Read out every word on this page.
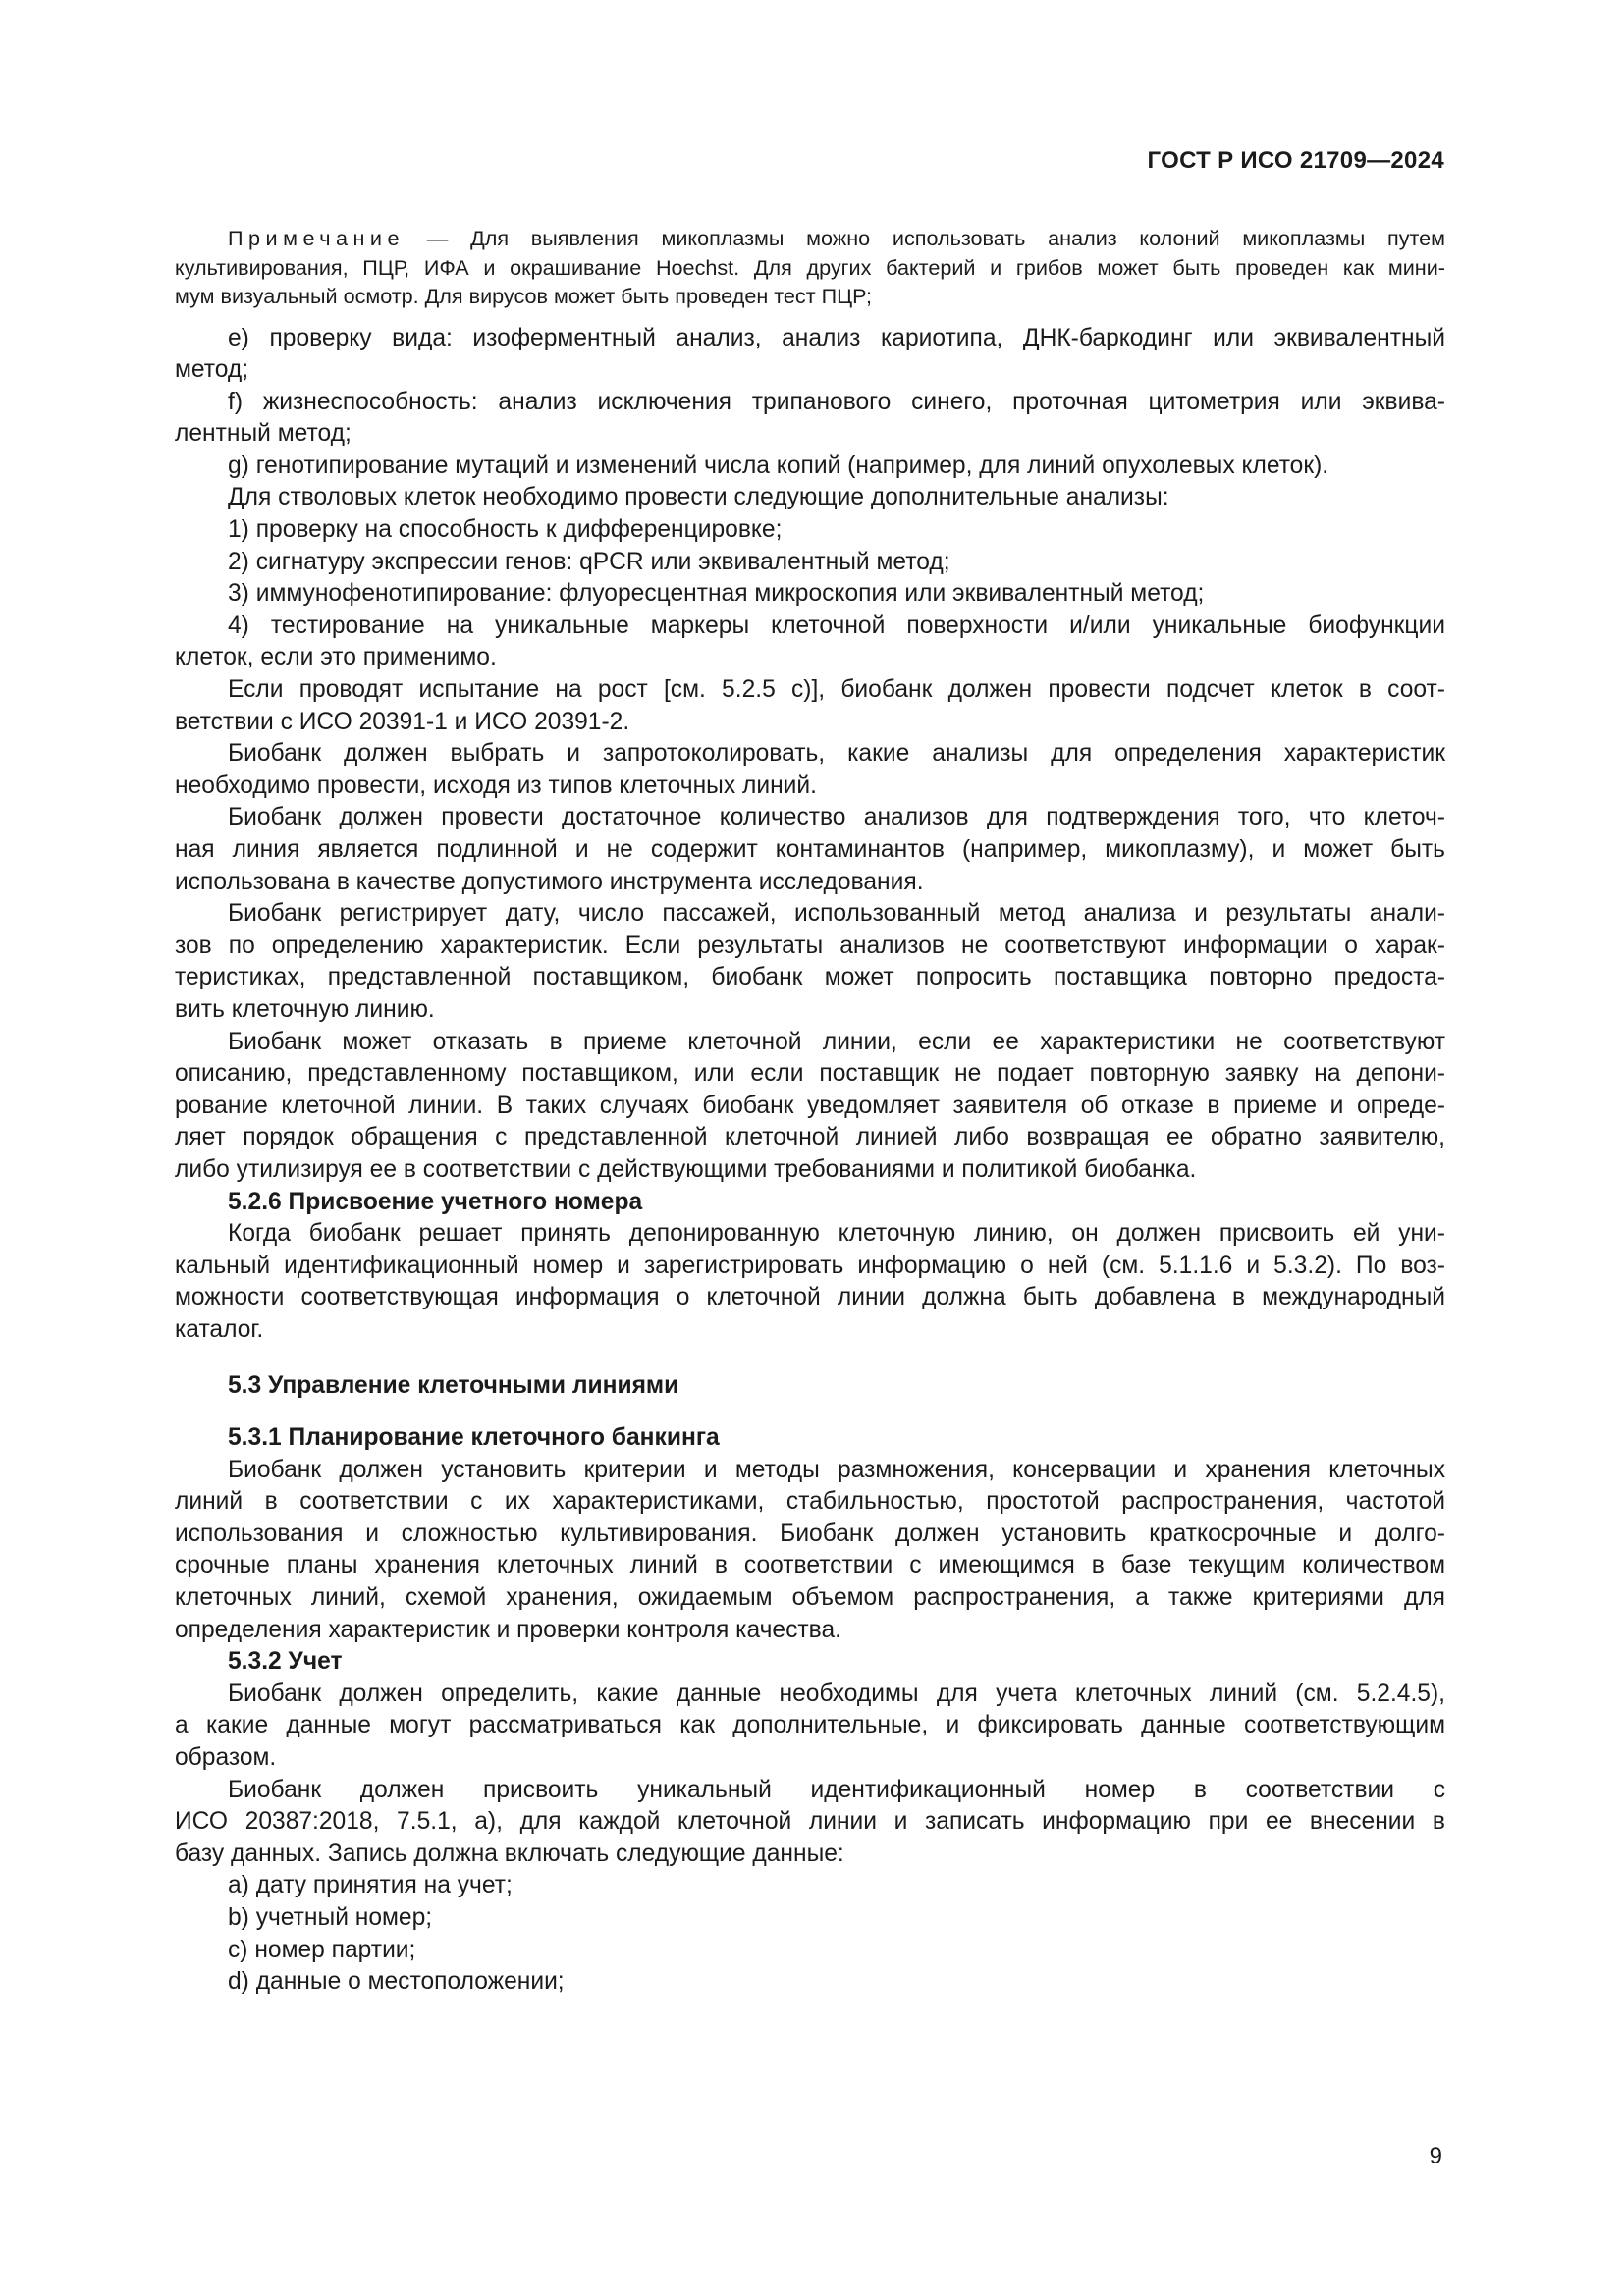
ГОСТ Р ИСО 21709—2024
Примечание — Для выявления микоплазмы можно использовать анализ колоний микоплазмы путем
культивирования, ПЦР, ИФА и окрашивание Hoechst. Для других бактерий и грибов может быть проведен как мини-
мум визуальный осмотр. Для вирусов может быть проведен тест ПЦР;
e) проверку вида: изоферментный анализ, анализ кариотипа, ДНК-баркодинг или эквивалентный
метод;
f) жизнеспособность: анализ исключения трипанового синего, проточная цитометрия или эквива-
лентный метод;
g) генотипирование мутаций и изменений числа копий (например, для линий опухолевых клеток).
Для стволовых клеток необходимо провести следующие дополнительные анализы:
1) проверку на способность к дифференцировке;
2) сигнатуру экспрессии генов: qPCR или эквивалентный метод;
3) иммунофенотипирование: флуоресцентная микроскопия или эквивалентный метод;
4) тестирование на уникальные маркеры клеточной поверхности и/или уникальные биофункции
клеток, если это применимо.
Если проводят испытание на рост [см. 5.2.5 с)], биобанк должен провести подсчет клеток в соот-
ветствии с ИСО 20391-1 и ИСО 20391-2.
Биобанк должен выбрать и запротоколировать, какие анализы для определения характеристик
необходимо провести, исходя из типов клеточных линий.
Биобанк должен провести достаточное количество анализов для подтверждения того, что клеточ-
ная линия является подлинной и не содержит контаминантов (например, микоплазму), и может быть
использована в качестве допустимого инструмента исследования.
Биобанк регистрирует дату, число пассажей, использованный метод анализа и результаты анали-
зов по определению характеристик. Если результаты анализов не соответствуют информации о харак-
теристиках, представленной поставщиком, биобанк может попросить поставщика повторно предоста-
вить клеточную линию.
Биобанк может отказать в приеме клеточной линии, если ее характеристики не соответствуют
описанию, представленному поставщиком, или если поставщик не подает повторную заявку на депони-
рование клеточной линии. В таких случаях биобанк уведомляет заявителя об отказе в приеме и опреде-
ляет порядок обращения с представленной клеточной линией либо возвращая ее обратно заявителю,
либо утилизируя ее в соответствии с действующими требованиями и политикой биобанка.
5.2.6 Присвоение учетного номера
Когда биобанк решает принять депонированную клеточную линию, он должен присвоить ей уни-
кальный идентификационный номер и зарегистрировать информацию о ней (см. 5.1.1.6 и 5.3.2). По воз-
можности соответствующая информация о клеточной линии должна быть добавлена в международный
каталог.
5.3 Управление клеточными линиями
5.3.1 Планирование клеточного банкинга
Биобанк должен установить критерии и методы размножения, консервации и хранения клеточных
линий в соответствии с их характеристиками, стабильностью, простотой распространения, частотой
использования и сложностью культивирования. Биобанк должен установить краткосрочные и долго-
срочные планы хранения клеточных линий в соответствии с имеющимся в базе текущим количеством
клеточных линий, схемой хранения, ожидаемым объемом распространения, а также критериями для
определения характеристик и проверки контроля качества.
5.3.2 Учет
Биобанк должен определить, какие данные необходимы для учета клеточных линий (см. 5.2.4.5),
а какие данные могут рассматриваться как дополнительные, и фиксировать данные соответствующим
образом.
Биобанк должен присвоить уникальный идентификационный номер в соответствии с
ИСО 20387:2018, 7.5.1, а), для каждой клеточной линии и записать информацию при ее внесении в
базу данных. Запись должна включать следующие данные:
a) дату принятия на учет;
b) учетный номер;
c) номер партии;
d) данные о местоположении;
9
